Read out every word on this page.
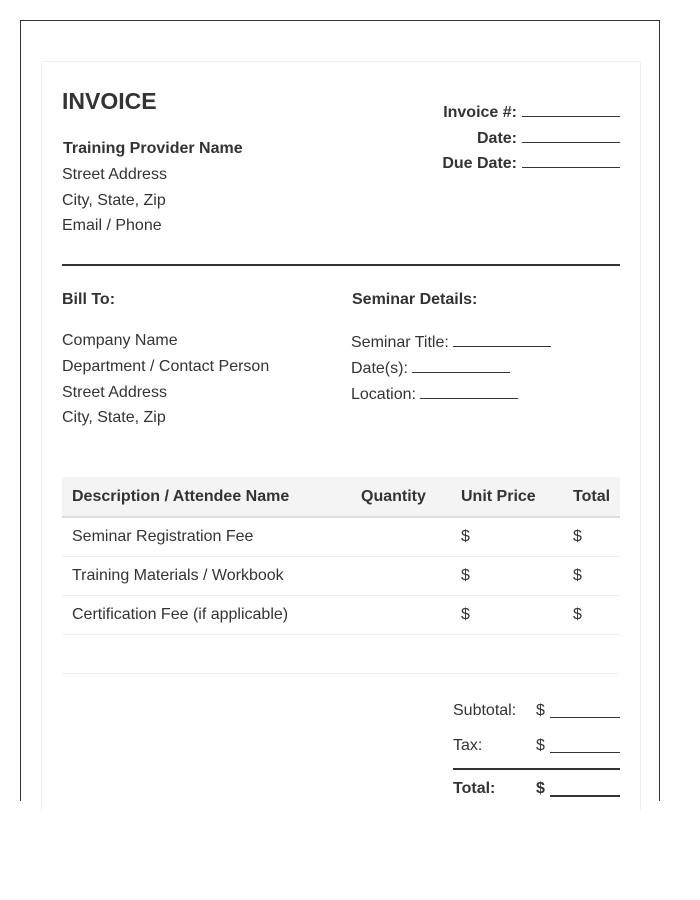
INVOICE
Training Provider Name
Street Address
City, State, Zip
Email / Phone
Invoice #:
Date:
Due Date:
Bill To:
Company Name
Department / Contact Person
Street Address
City, State, Zip
Seminar Details:
Seminar Title:
Date(s):
Location:
Description / Attendee Name	Quantity	Unit Price	Total
Seminar Registration Fee		$	$
Training Materials / Workbook		$	$
Certification Fee (if applicable)		$	$

Subtotal: $
Tax:	$
Total:	$
